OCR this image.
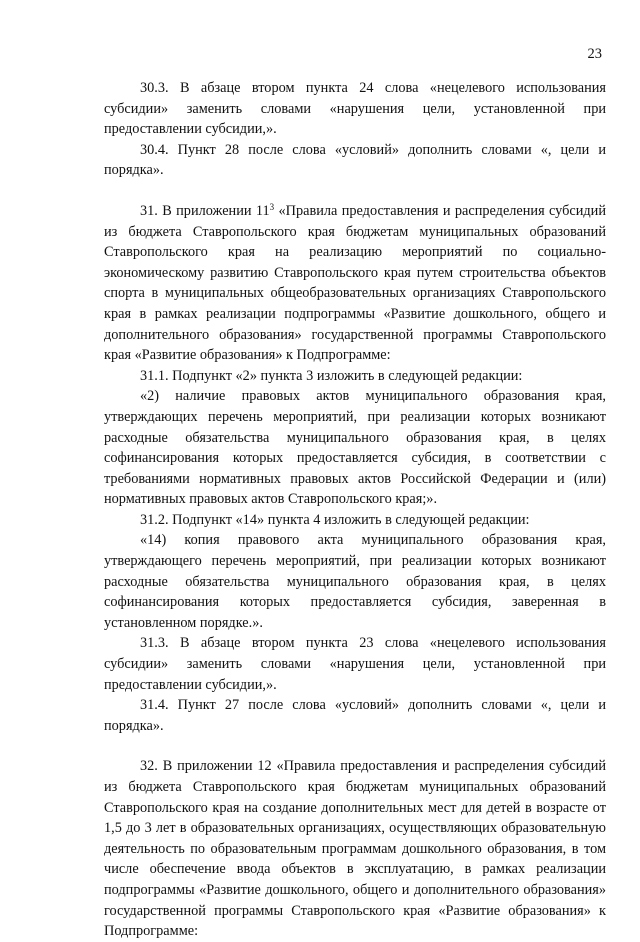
23

30.3. В абзаце втором пункта 24 слова «нецелевого использования субсидии» заменить словами «нарушения цели, установленной при предоставлении субсидии,».

30.4. Пункт 28 после слова «условий» дополнить словами «, цели и порядка».

31. В приложении $11^3$ «Правила предоставления и распределения субсидий из бюджета Ставропольского края бюджетам муниципальных образований Ставропольского края на реализацию мероприятий по социально-экономическому развитию Ставропольского края путем строительства объектов спорта в муниципальных общеобразовательных организациях Ставропольского края в рамках реализации подпрограммы «Развитие дошкольного, общего и дополнительного образования» государственной программы Ставропольского края «Развитие образования» к Подпрограмме:

31.1. Подпункт «2» пункта 3 изложить в следующей редакции:

«2) наличие правовых актов муниципального образования края, утверждающих перечень мероприятий, при реализации которых возникают расходные обязательства муниципального образования края, в целях софинансирования которых предоставляется субсидия, в соответствии с требованиями нормативных правовых актов Российской Федерации и (или) нормативных правовых актов Ставропольского края;».

31.2. Подпункт «14» пункта 4 изложить в следующей редакции:

«14) копия правового акта муниципального образования края, утверждающего перечень мероприятий, при реализации которых возникают расходные обязательства муниципального образования края, в целях софинансирования которых предоставляется субсидия, заверенная в установленном порядке.».

31.3. В абзаце втором пункта 23 слова «нецелевого использования субсидии» заменить словами «нарушения цели, установленной при предоставлении субсидии,».

31.4. Пункт 27 после слова «условий» дополнить словами «, цели и порядка».

32. В приложении 12 «Правила предоставления и распределения субсидий из бюджета Ставропольского края бюджетам муниципальных образований Ставропольского края на создание дополнительных мест для детей в возрасте от 1,5 до 3 лет в образовательных организациях, осуществляющих образовательную деятельность по образовательным программам дошкольного образования, в том числе обеспечение ввода объектов в эксплуатацию, в рамках реализации подпрограммы «Развитие дошкольного, общего и дополнительного образования» государственной программы Ставропольского края «Развитие образования» к Подпрограмме:
